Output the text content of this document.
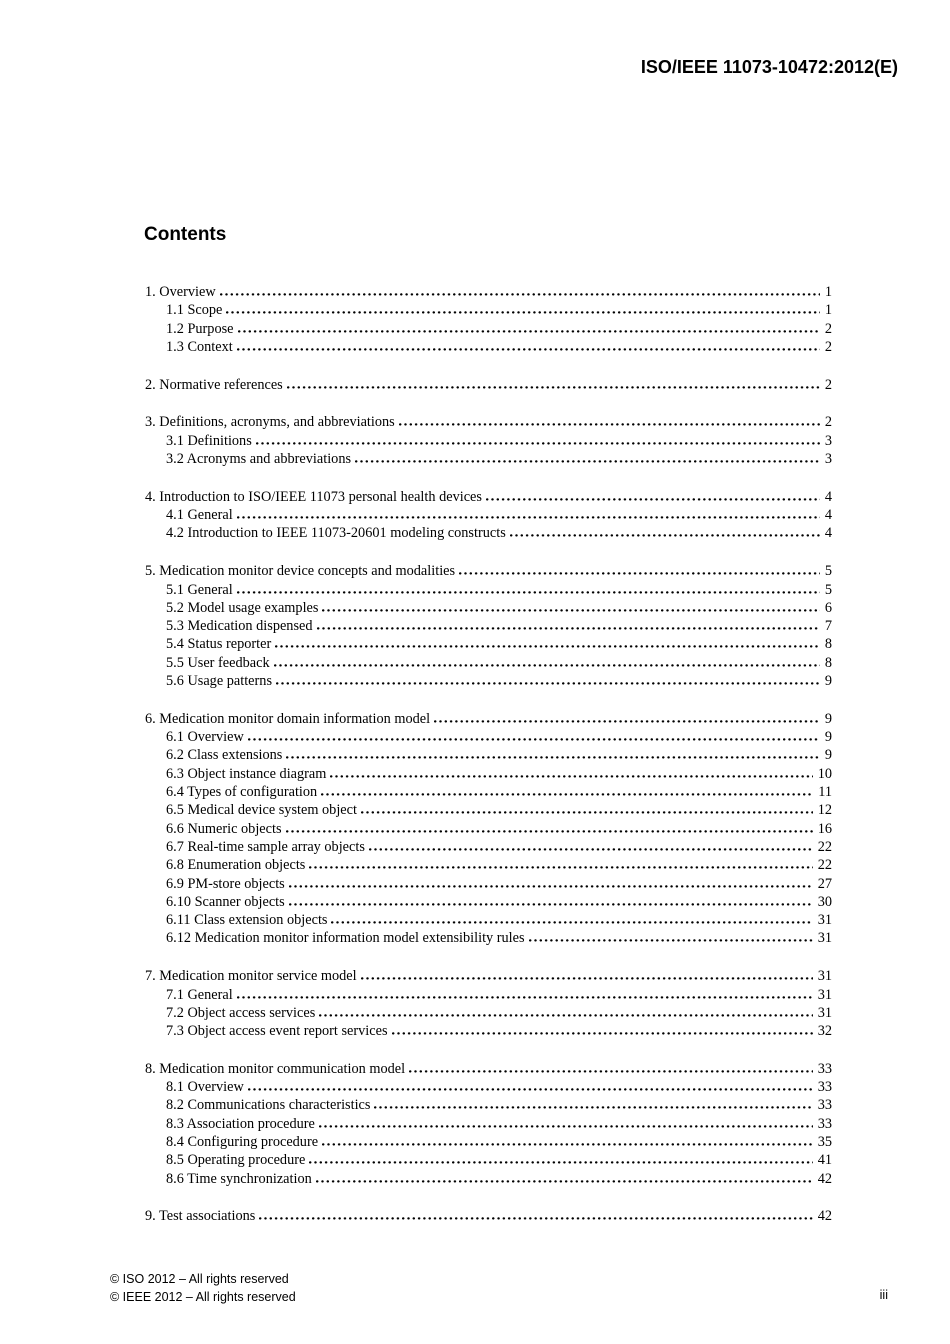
ISO/IEEE 11073-10472:2012(E)
Contents
1. Overview	1
1.1 Scope	1
1.2 Purpose	2
1.3 Context	2
2. Normative references	2
3. Definitions, acronyms, and abbreviations	2
3.1 Definitions	3
3.2 Acronyms and abbreviations	3
4. Introduction to ISO/IEEE 11073 personal health devices	4
4.1 General	4
4.2 Introduction to IEEE 11073-20601 modeling constructs	4
5. Medication monitor device concepts and modalities	5
5.1 General	5
5.2 Model usage examples	6
5.3 Medication dispensed	7
5.4 Status reporter	8
5.5 User feedback	8
5.6 Usage patterns	9
6. Medication monitor domain information model	9
6.1 Overview	9
6.2 Class extensions	9
6.3 Object instance diagram	10
6.4 Types of configuration	11
6.5 Medical device system object	12
6.6 Numeric objects	16
6.7 Real-time sample array objects	22
6.8 Enumeration objects	22
6.9 PM-store objects	27
6.10 Scanner objects	30
6.11 Class extension objects	31
6.12 Medication monitor information model extensibility rules	31
7. Medication monitor service model	31
7.1 General	31
7.2 Object access services	31
7.3 Object access event report services	32
8. Medication monitor communication model	33
8.1 Overview	33
8.2 Communications characteristics	33
8.3 Association procedure	33
8.4 Configuring procedure	35
8.5 Operating procedure	41
8.6 Time synchronization	42
9. Test associations	42
© ISO 2012 – All rights reserved
© IEEE 2012 – All rights reserved	iii
